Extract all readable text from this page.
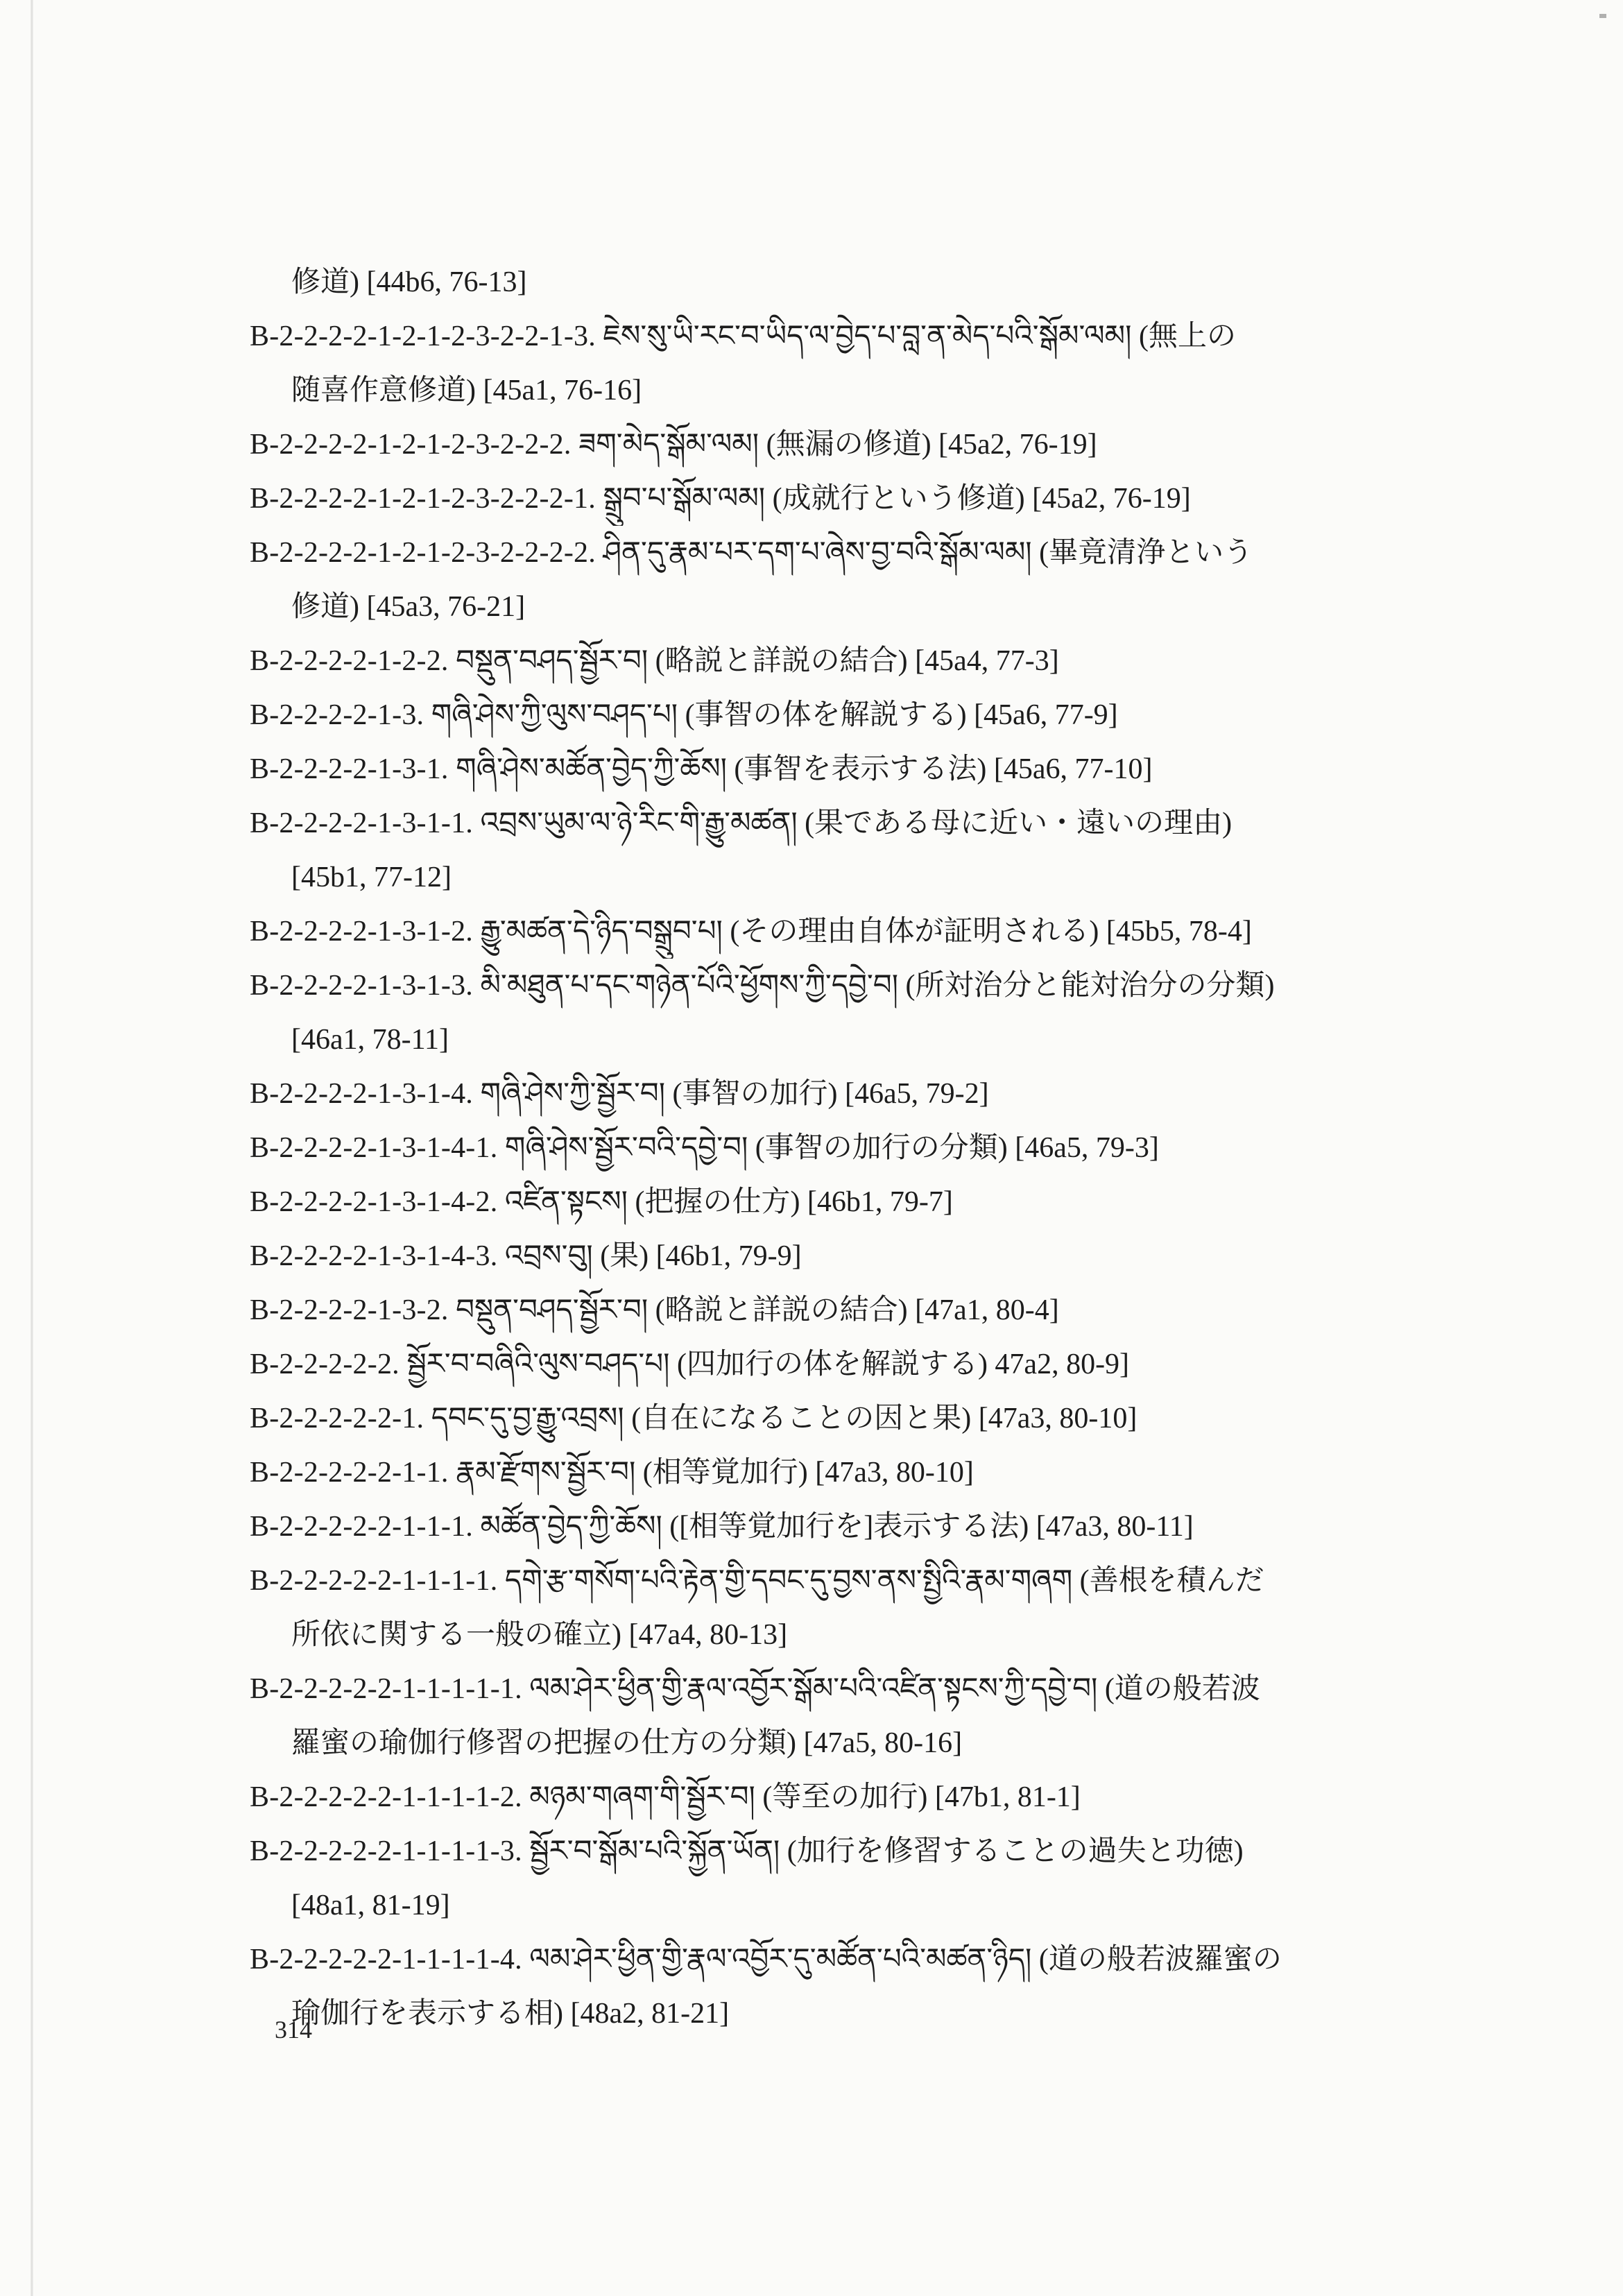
修道) [44b6, 76-13]
B-2-2-2-2-1-2-1-2-3-2-2-1-3. ཇེས་སུ་ཡི་རང་བ་ཡིད་ལ་བྱེད་པ་བླ་ན་མེད་པའི་སྒོམ་ལམ། (無上の
随喜作意修道) [45a1, 76-16]
B-2-2-2-2-1-2-1-2-3-2-2-2. ཟག་མེད་སྒོམ་ལམ། (無漏の修道) [45a2, 76-19]
B-2-2-2-2-1-2-1-2-3-2-2-2-1. སྒྲུབ་པ་སྒོམ་ལམ། (成就行という修道) [45a2, 76-19]
B-2-2-2-2-1-2-1-2-3-2-2-2-2. ཤིན་དུ་རྣམ་པར་དག་པ་ཞེས་བྱ་བའི་སྒོམ་ལམ། (畢竟清浄という
修道) [45a3, 76-21]
B-2-2-2-2-1-2-2. བསྡུན་བཤད་སྦྱོར་བ། (略説と詳説の結合) [45a4, 77-3]
B-2-2-2-2-1-3. གཞི་ཤེས་ཀྱི་ལུས་བཤད་པ། (事智の体を解説する) [45a6, 77-9]
B-2-2-2-2-1-3-1. གཞི་ཤེས་མཚོན་བྱེད་ཀྱི་ཆོས། (事智を表示する法) [45a6, 77-10]
B-2-2-2-2-1-3-1-1. འབྲས་ཡུམ་ལ་ཉེ་རིང་གི་རྒྱུ་མཚན། (果である母に近い・遠いの理由)
[45b1, 77-12]
B-2-2-2-2-1-3-1-2. རྒྱུ་མཚན་དེ་ཉིད་བསྒྲུབ་པ། (その理由自体が証明される) [45b5, 78-4]
B-2-2-2-2-1-3-1-3. མི་མཐུན་པ་དང་གཉེན་པོའི་ཕྱོགས་ཀྱི་དབྱེ་བ། (所対治分と能対治分の分類)
[46a1, 78-11]
B-2-2-2-2-1-3-1-4. གཞི་ཤེས་ཀྱི་སྦྱོར་བ། (事智の加行) [46a5, 79-2]
B-2-2-2-2-1-3-1-4-1. གཞི་ཤེས་སྦྱོར་བའི་དབྱེ་བ། (事智の加行の分類) [46a5, 79-3]
B-2-2-2-2-1-3-1-4-2. འཛིན་སྟངས། (把握の仕方) [46b1, 79-7]
B-2-2-2-2-1-3-1-4-3. འབྲས་བུ། (果) [46b1, 79-9]
B-2-2-2-2-1-3-2. བསྡུན་བཤད་སྦྱོར་བ། (略説と詳説の結合) [47a1, 80-4]
B-2-2-2-2-2. སྦྱོར་བ་བཞིའི་ལུས་བཤད་པ། (四加行の体を解説する) 47a2, 80-9]
B-2-2-2-2-2-1. དབང་དུ་བྱ་རྒྱུ་འབྲས། (自在になることの因と果) [47a3, 80-10]
B-2-2-2-2-2-1-1. རྣམ་རྫོགས་སྦྱོར་བ། (相等覚加行) [47a3, 80-10]
B-2-2-2-2-2-1-1-1. མཚོན་བྱེད་ཀྱི་ཆོས། ([相等覚加行を]表示する法) [47a3, 80-11]
B-2-2-2-2-2-1-1-1-1. དགེ་རྩ་གསོག་པའི་རྟེན་གྱི་དབང་དུ་བྱས་ནས་སྤྱིའི་རྣམ་གཞག (善根を積んだ
所依に関する一般の確立) [47a4, 80-13]
B-2-2-2-2-2-1-1-1-1-1. ལམ་ཤེར་ཕྱིན་གྱི་རྣལ་འབྱོར་སྒོམ་པའི་འཛིན་སྟངས་ཀྱི་དབྱེ་བ། (道の般若波
羅蜜の瑜伽行修習の把握の仕方の分類) [47a5, 80-16]
B-2-2-2-2-2-1-1-1-1-2. མཉམ་གཞག་གི་སྦྱོར་བ། (等至の加行) [47b1, 81-1]
B-2-2-2-2-2-1-1-1-1-3. སྦྱོར་བ་སྒོམ་པའི་སྐྱོན་ཡོན། (加行を修習することの過失と功徳)
[48a1, 81-19]
B-2-2-2-2-2-1-1-1-1-4. ལམ་ཤེར་ཕྱིན་གྱི་རྣལ་འབྱོར་དུ་མཚོན་པའི་མཚན་ཉིད། (道の般若波羅蜜の
瑜伽行を表示する相) [48a2, 81-21]
314
